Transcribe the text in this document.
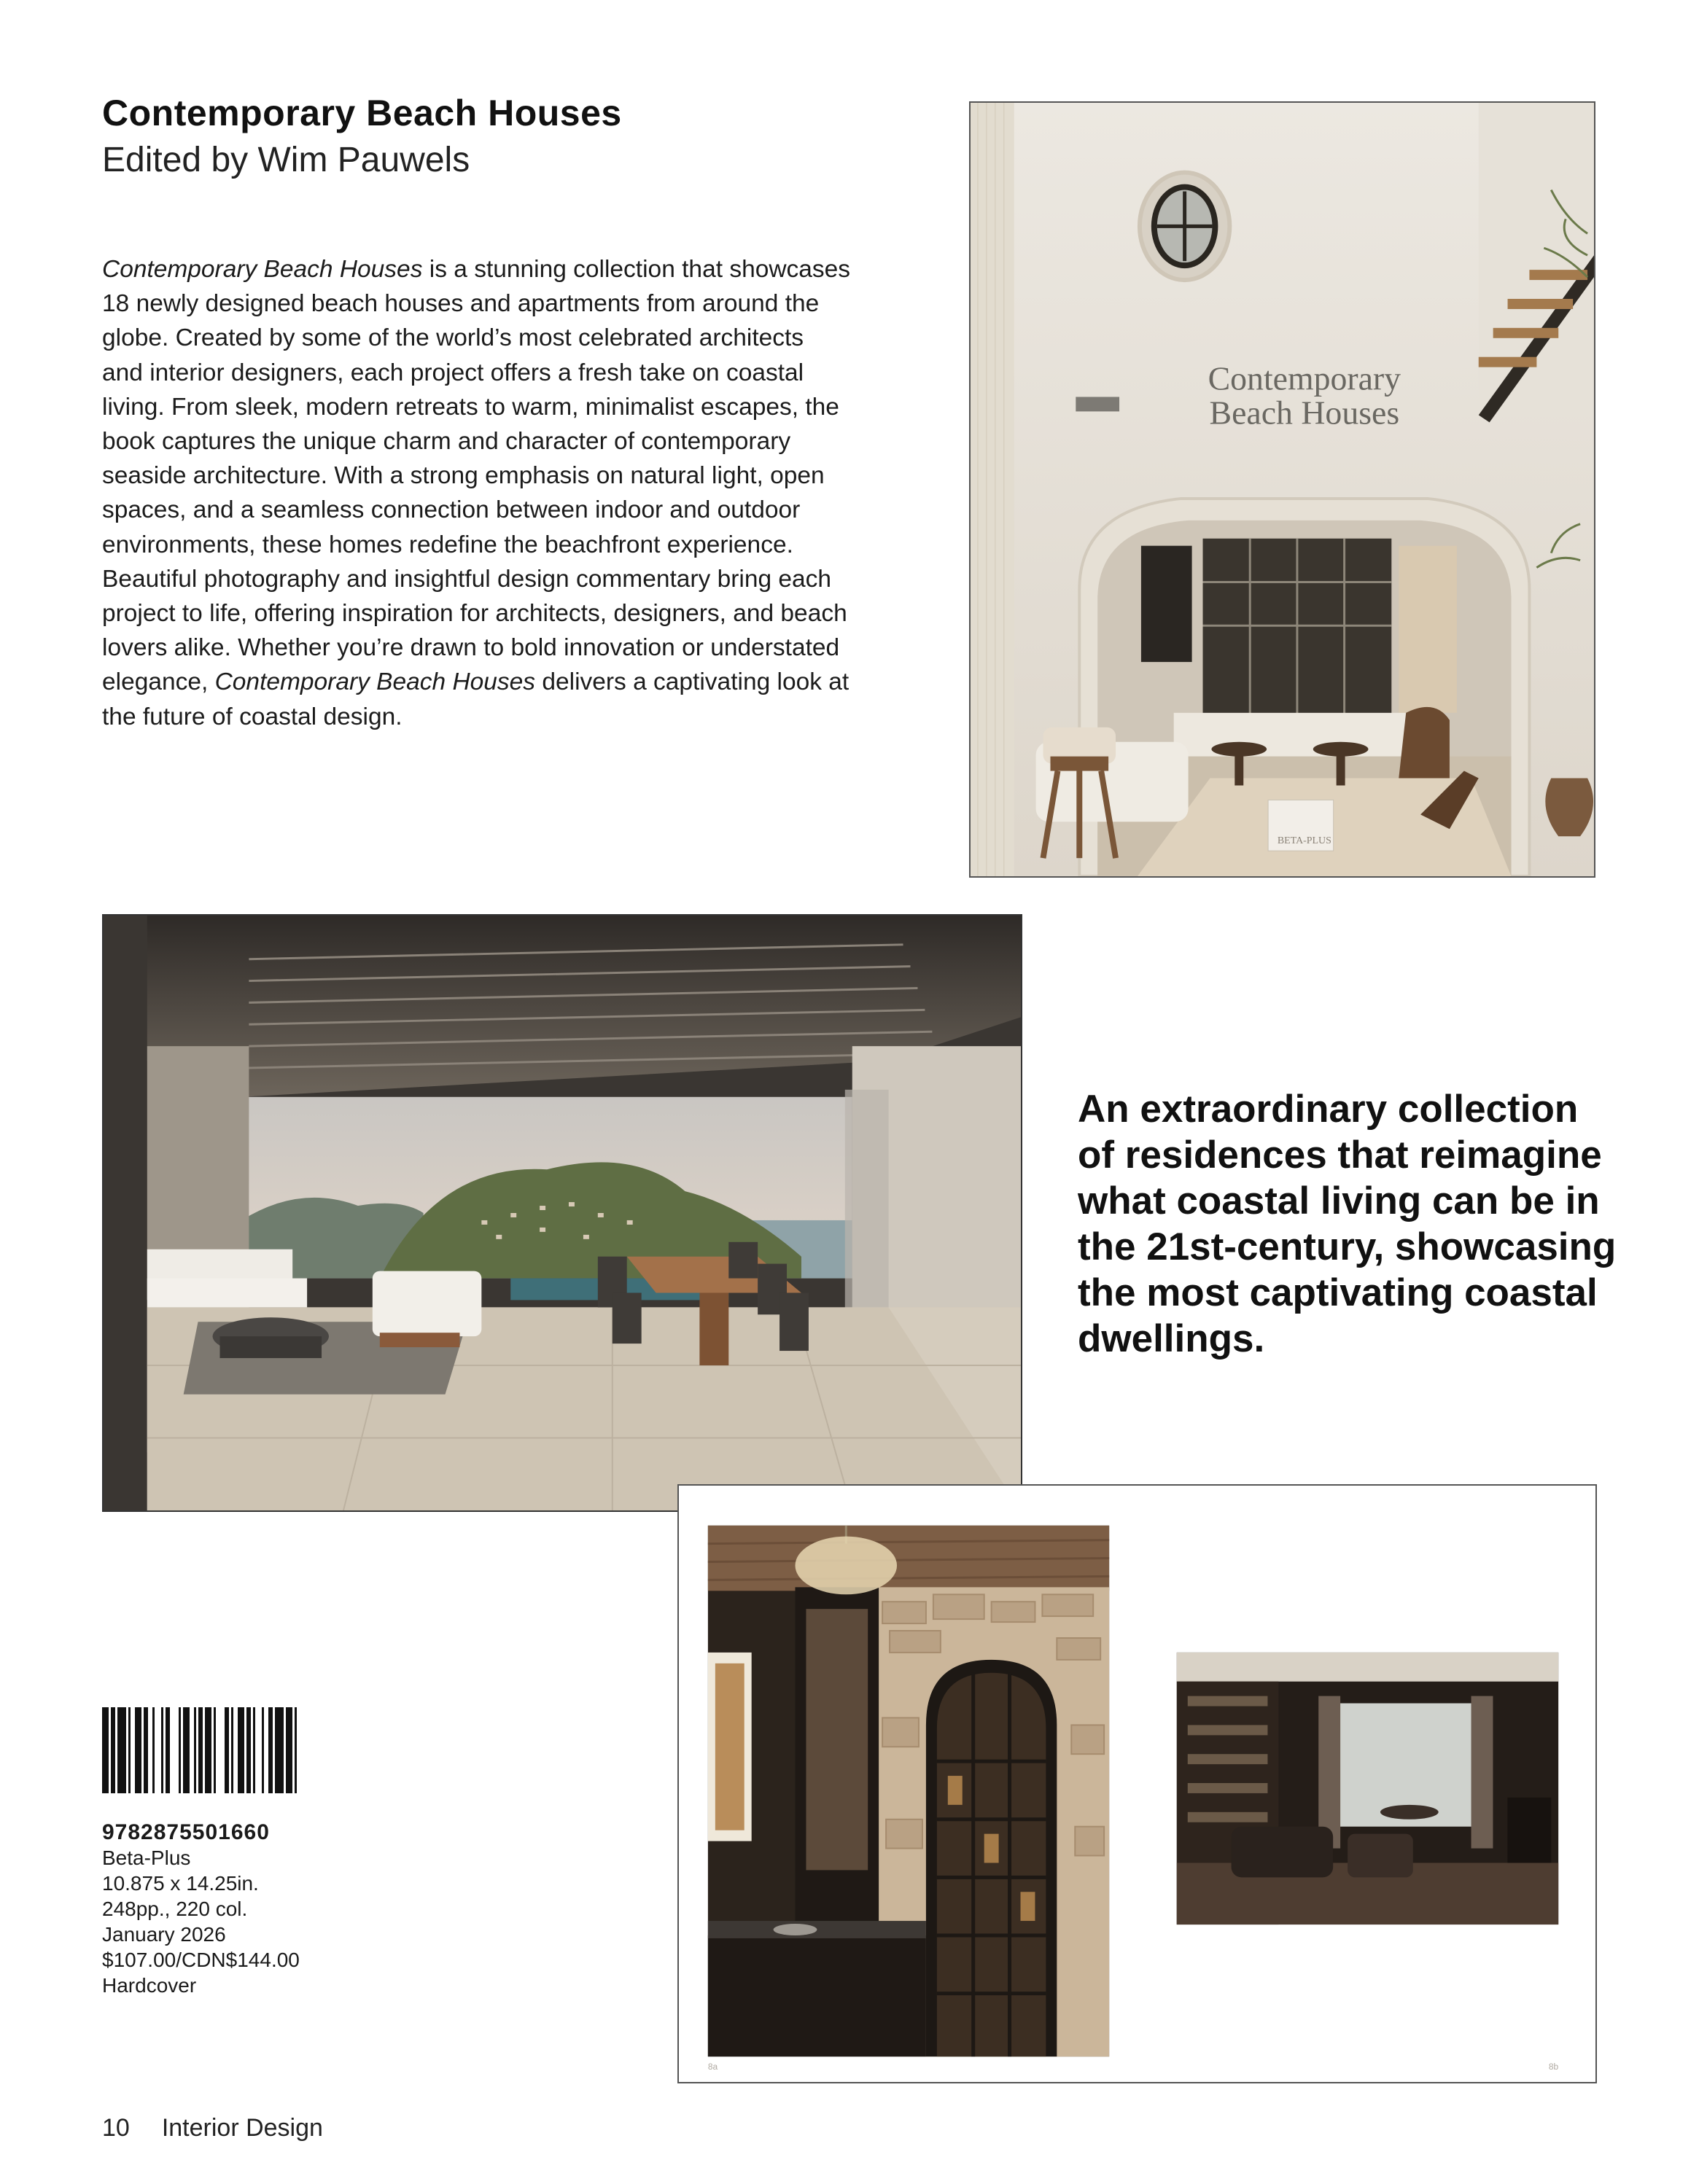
Contemporary Beach Houses
Edited by Wim Pauwels
Contemporary Beach Houses is a stunning collection that showcases
18 newly designed beach houses and apartments from around the
globe. Created by some of the world’s most celebrated architects
and interior designers, each project offers a fresh take on coastal
living. From sleek, modern retreats to warm, minimalist escapes, the
book captures the unique charm and character of contemporary
seaside architecture. With a strong emphasis on natural light, open
spaces, and a seamless connection between indoor and outdoor
environments, these homes redefine the beachfront experience.
Beautiful photography and insightful design commentary bring each
project to life, offering inspiration for architects, designers, and beach
lovers alike. Whether you’re drawn to bold innovation or understated
elegance, Contemporary Beach Houses delivers a captivating look at
the future of coastal design.
Contemporary
Beach Houses
BETA-PLUS
An extraordinary collection
of residences that reimagine
what coastal living can be in
the 21st-century, showcasing
the most captivating coastal
dwellings.
8a	8b
9782875501660
Beta-Plus
10.875 x 14.25in.
248pp., 220 col.
January 2026
$107.00/CDN$144.00
Hardcover
10 Interior Design
